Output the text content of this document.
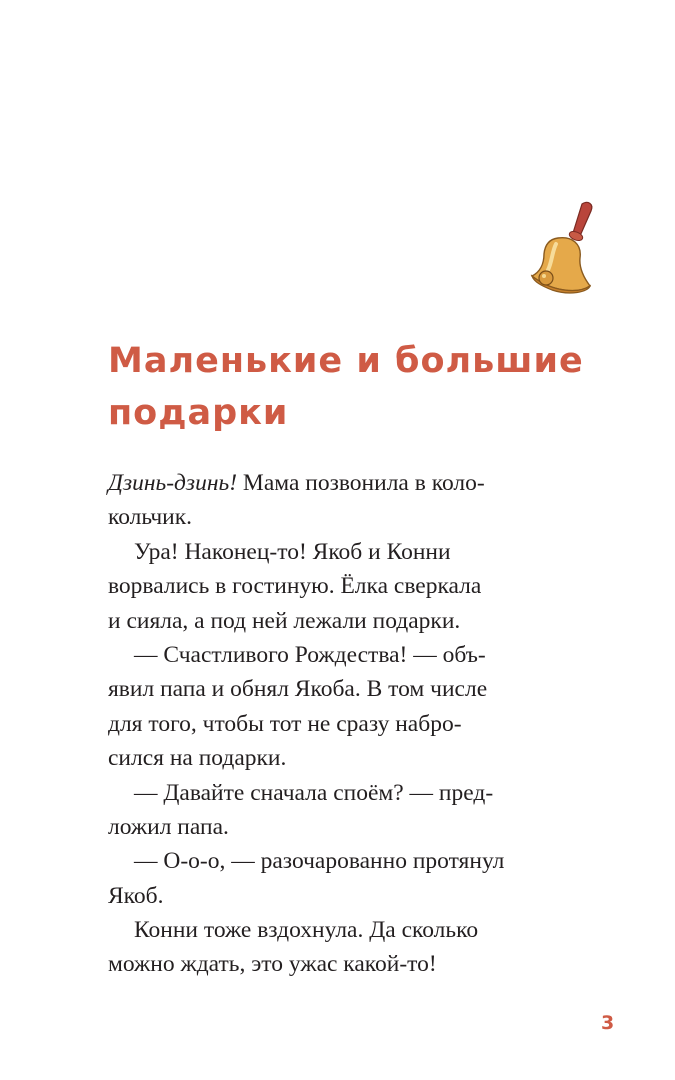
Маленькие и большие
подарки
Дзинь-дзинь! Мама позвонила в коло-
кольчик.
Ура! Наконец-то! Якоб и Конни
ворвались в гостиную. Ёлка сверкала
и сияла, а под ней лежали подарки.
— Счастливого Рождества! — объ-
явил папа и обнял Якоба. В том числе
для того, чтобы тот не сразу набро-
сился на подарки.
— Давайте сначала споём? — пред-
ложил папа.
— О-о-о, — разочарованно протянул
Якоб.
Конни тоже вздохнула. Да сколько
можно ждать, это ужас какой-то!
3
